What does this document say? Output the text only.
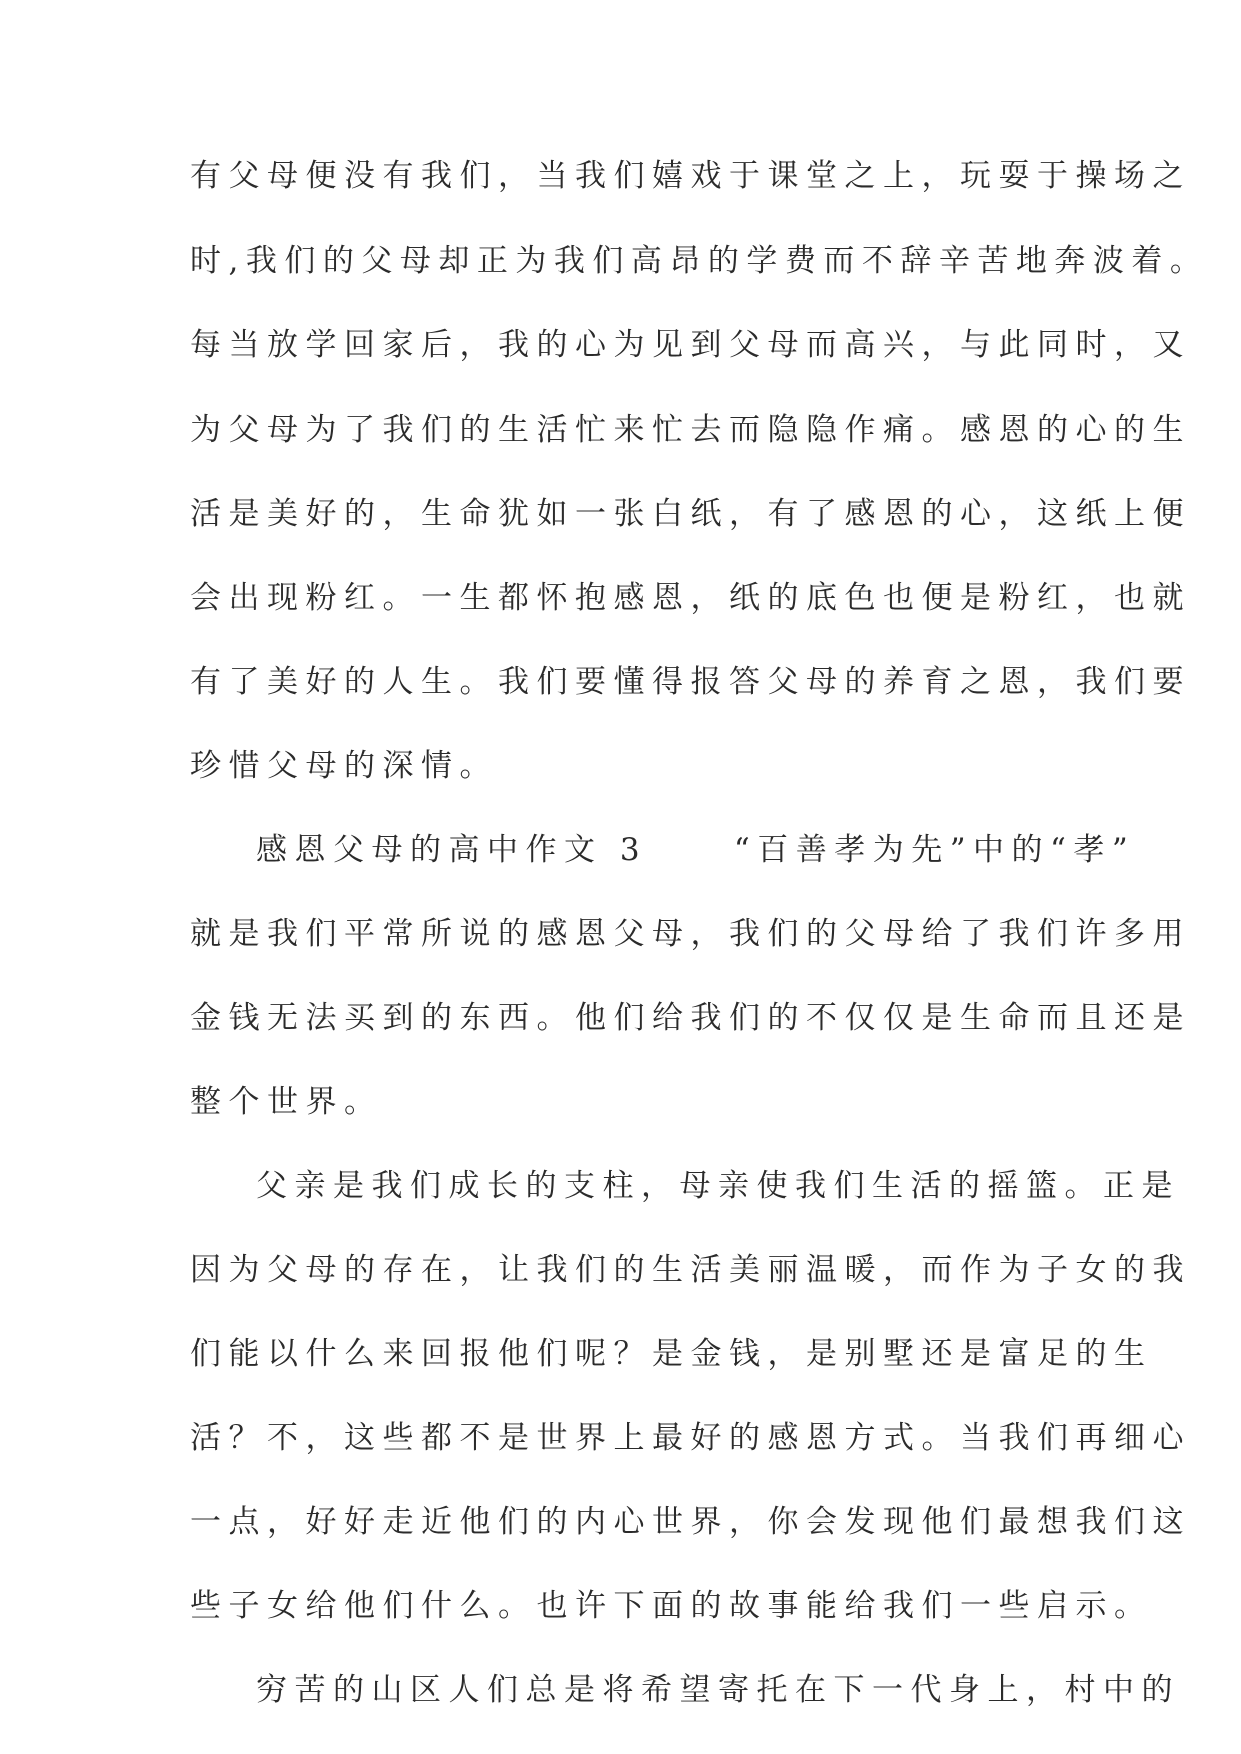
有父母便没有我们，当我们嬉戏于课堂之上，玩耍于操场之
时,我们的父母却正为我们高昂的学费而不辞辛苦地奔波着。
每当放学回家后，我的心为见到父母而高兴，与此同时，又
为父母为了我们的生活忙来忙去而隐隐作痛。感恩的心的生
活是美好的，生命犹如一张白纸，有了感恩的心，这纸上便
会出现粉红。一生都怀抱感恩，纸的底色也便是粉红，也就
有了美好的人生。我们要懂得报答父母的养育之恩，我们要
珍惜父母的深情。
感恩父母的高中作文 3     “百善孝为先”中的“孝”
就是我们平常所说的感恩父母，我们的父母给了我们许多用
金钱无法买到的东西。他们给我们的不仅仅是生命而且还是
整个世界。
父亲是我们成长的支柱，母亲使我们生活的摇篮。正是
因为父母的存在，让我们的生活美丽温暖，而作为子女的我
们能以什么来回报他们呢？是金钱，是别墅还是富足的生
活？不，这些都不是世界上最好的感恩方式。当我们再细心
一点，好好走近他们的内心世界，你会发现他们最想我们这
些子女给他们什么。也许下面的故事能给我们一些启示。
穷苦的山区人们总是将希望寄托在下一代身上，村中的
